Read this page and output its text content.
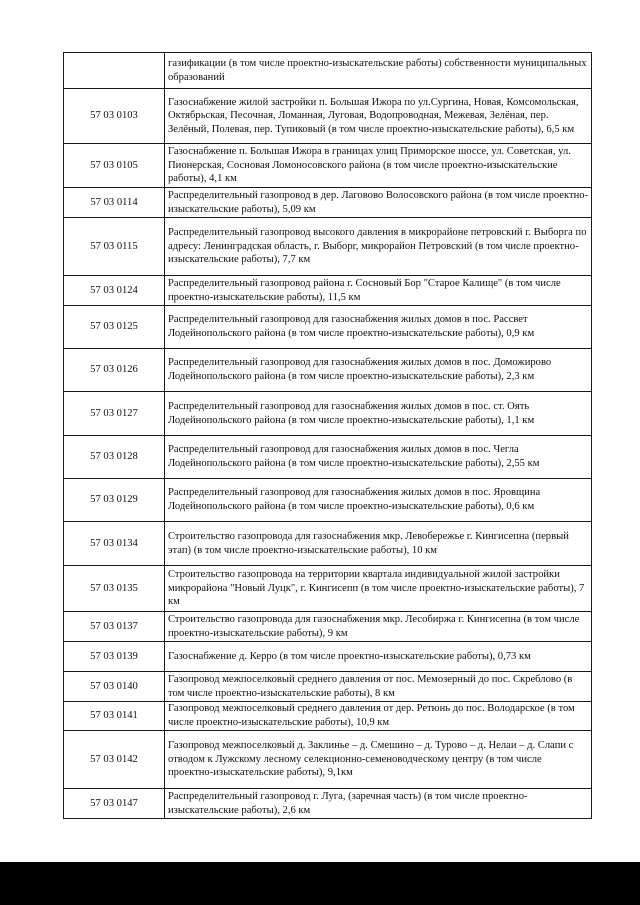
	газификации (в том числе проектно-изыскательские работы) собственности муниципальных образований
57 03 0103	Газоснабжение жилой застройки п. Большая Ижора по ул.Сургина, Новая, Комсомольская, Октябрьская, Песочная, Ломанная, Луговая, Водопроводная, Межевая, Зелёная, пер. Зелёный, Полевая, пер. Тупиковый (в том числе проектно-изыскательские работы), 6,5 км
57 03 0105	Газоснабжение п. Большая Ижора в границах улиц Приморское шоссе, ул. Советская, ул. Пионерская, Сосновая Ломоносовского района (в том числе проектно-изыскательские работы), 4,1 км
57 03 0114	Распределительный газопровод в дер. Лаговово Волосовского района (в том числе проектно-изыскательские работы), 5,09 км
57 03 0115	Распределительный газопровод высокого давления в микрорайоне петровский г. Выборга по адресу: Ленинградская область, г. Выборг, микрорайон Петровский (в том числе проектно-изыскательские работы), 7,7 км
57 03 0124	Распределительный газопровод района г. Сосновый Бор "Старое Калище" (в том числе проектно-изыскательские работы), 11,5 км
57 03 0125	Распределительный газопровод для газоснабжения жилых домов в пос. Рассвет Лодейнопольского района (в том числе проектно-изыскательские работы), 0,9 км
57 03 0126	Распределительный газопровод для газоснабжения жилых домов в пос. Доможирово Лодейнопольского района (в том числе проектно-изыскательские работы), 2,3 км
57 03 0127	Распределительный газопровод для газоснабжения жилых домов в пос. ст. Оять Лодейнопольского района (в том числе проектно-изыскательские работы), 1,1 км
57 03 0128	Распределительный газопровод для газоснабжения жилых домов в пос. Чегла Лодейнопольского района (в том числе проектно-изыскательские работы), 2,55 км
57 03 0129	Распределительный газопровод для газоснабжения жилых домов в пос. Яровщина Лодейнопольского района (в том числе проектно-изыскательские работы), 0,6 км
57 03 0134	Строительство газопровода для газоснабжения мкр. Левобережье г. Кингисепна (первый этап) (в том числе проектно-изыскательские работы), 10 км
57 03 0135	Строительство газопровода на территории квартала индивидуальной жилой застройки микрорайона "Новый Луцк", г. Кингисепп (в том числе проектно-изыскательские работы), 7 км
57 03 0137	Строительство газопровода для газоснабжения мкр. Лесобиржа г. Кингисепна (в том числе проектно-изыскательские работы), 9 км
57 03 0139	Газоснабжение д. Керро (в том числе проектно-изыскательские работы), 0,73 км
57 03 0140	Газопровод межпоселковый среднего давления от пос. Мемозерный до пос. Скреблово (в том числе проектно-изыскательские работы), 8 км
57 03 0141	Газопровод межпоселковый среднего давления от дер. Ретюнь до пос. Володарское (в том числе проектно-изыскательские работы), 10,9 км
57 03 0142	Газопровод межпоселковый д. Заклинье – д. Смешино – д. Турово – д. Нелаи – д. Слапи с отводом к Лужскому лесному селекционно-семеноводческому центру (в том числе проектно-изыскательские работы), 9,1км
57 03 0147	Распределительный газопровод г. Луга, (заречная часть) (в том числе проектно-изыскательские работы), 2,6 км
